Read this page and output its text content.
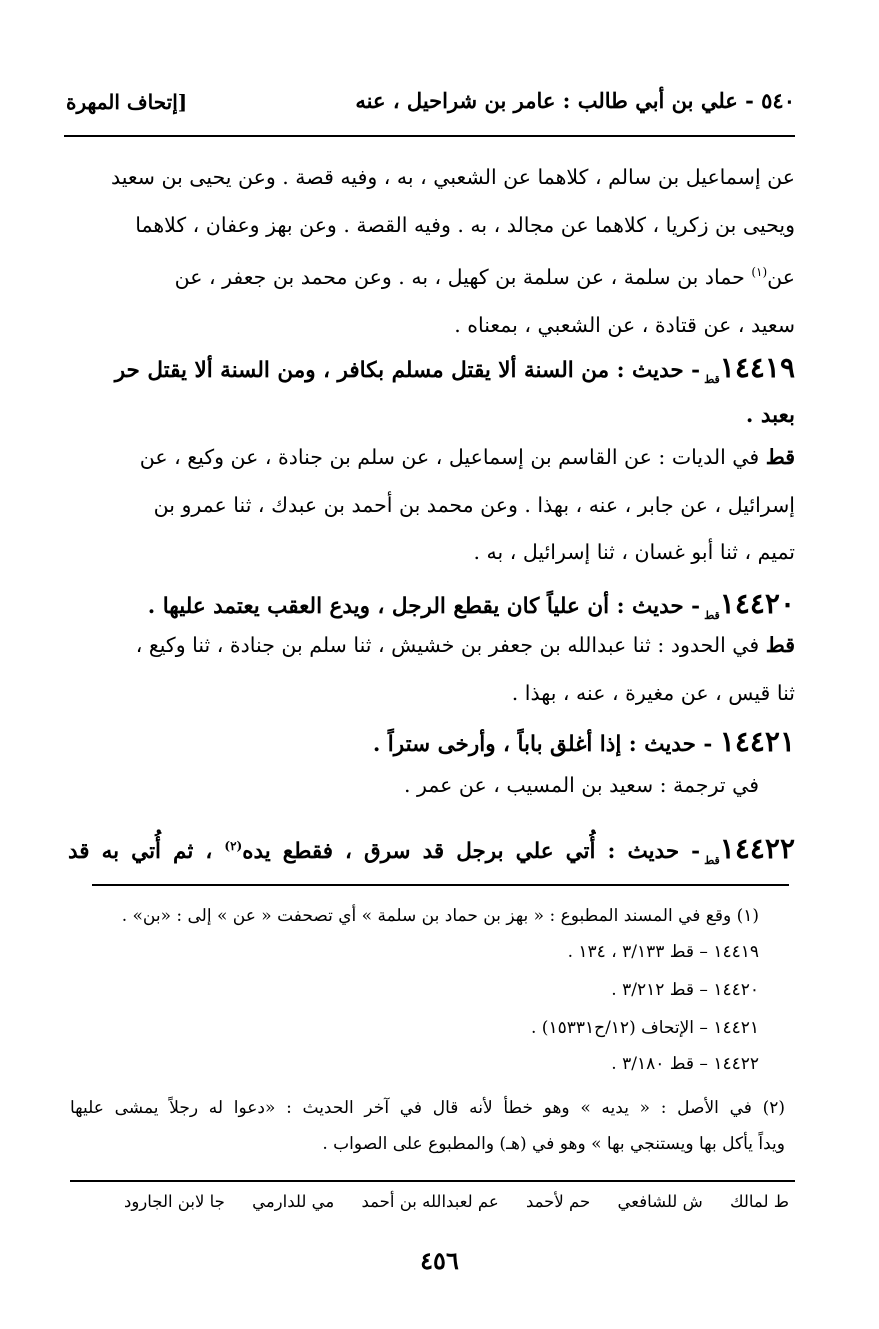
٥٤٠ - علي بن أبي طالب : عامر بن شراحيل ، عنه
[إتحاف المهرة
عن إسماعيل بن سالم ، كلاهما عن الشعبي ، به ، وفيه قصة . وعن يحيى بن سعيد
ويحيى بن زكريا ، كلاهما عن مجالد ، به . وفيه القصة . وعن بهز وعفان ، كلاهما
عن$^{(١)}$ حماد بن سلمة ، عن سلمة بن كهيل ، به . وعن محمد بن جعفر ، عن
سعيد ، عن قتادة ، عن الشعبي ، بمعناه .
$١٤٤١٩_{قط}-$ حديث : من السنة ألا يقتل مسلم بكافر ، ومن السنة ألا يقتل حر
بعبد .
قط في الديات : عن القاسم بن إسماعيل ، عن سلم بن جنادة ، عن وكيع ، عن
إسرائيل ، عن جابر ، عنه ، بهذا . وعن محمد بن أحمد بن عبدك ، ثنا عمرو بن
تميم ، ثنا أبو غسان ، ثنا إسرائيل ، به .
$١٤٤٢٠_{قط}-$ حديث : أن علياً كان يقطع الرجل ، ويدع العقب يعتمد عليها .
قط في الحدود : ثنا عبدالله بن جعفر بن خشيش ، ثنا سلم بن جنادة ، ثنا وكيع ،
ثنا قيس ، عن مغيرة ، عنه ، بهذا .
١٤٤٢١ - حديث : إذا أغلق باباً ، وأرخى ستراً .
في ترجمة : سعيد بن المسيب ، عن عمر .
$١٤٤٢٢_{قط}-$ حديث : أُتي علي برجل قد سرق ، فقطع يده$^{(٢)}$ ، ثم أُتي به قد
(١) وقع في المسند المطبوع : « بهز بن حماد بن سلمة » أي تصحفت « عن » إلى : «بن» .
١٤٤١٩ – قط ٣/١٣٣ ، ١٣٤ .
١٤٤٢٠ – قط ٣/٢١٢ .
١٤٤٢١ – الإتحاف (١٢/ح١٥٣٣١) .
١٤٤٢٢ – قط ٣/١٨٠ .
(٢) في الأصل : « يديه » وهو خطأ لأنه قال في آخر الحديث : «دعوا له رجلاً يمشى عليها
ويداً يأكل بها ويستنجي بها » وهو في (هـ) والمطبوع على الصواب .
ط لمالك ش للشافعي حم لأحمد عم لعبدالله بن أحمد مي للدارمي جا لابن الجارود
٤٥٦
